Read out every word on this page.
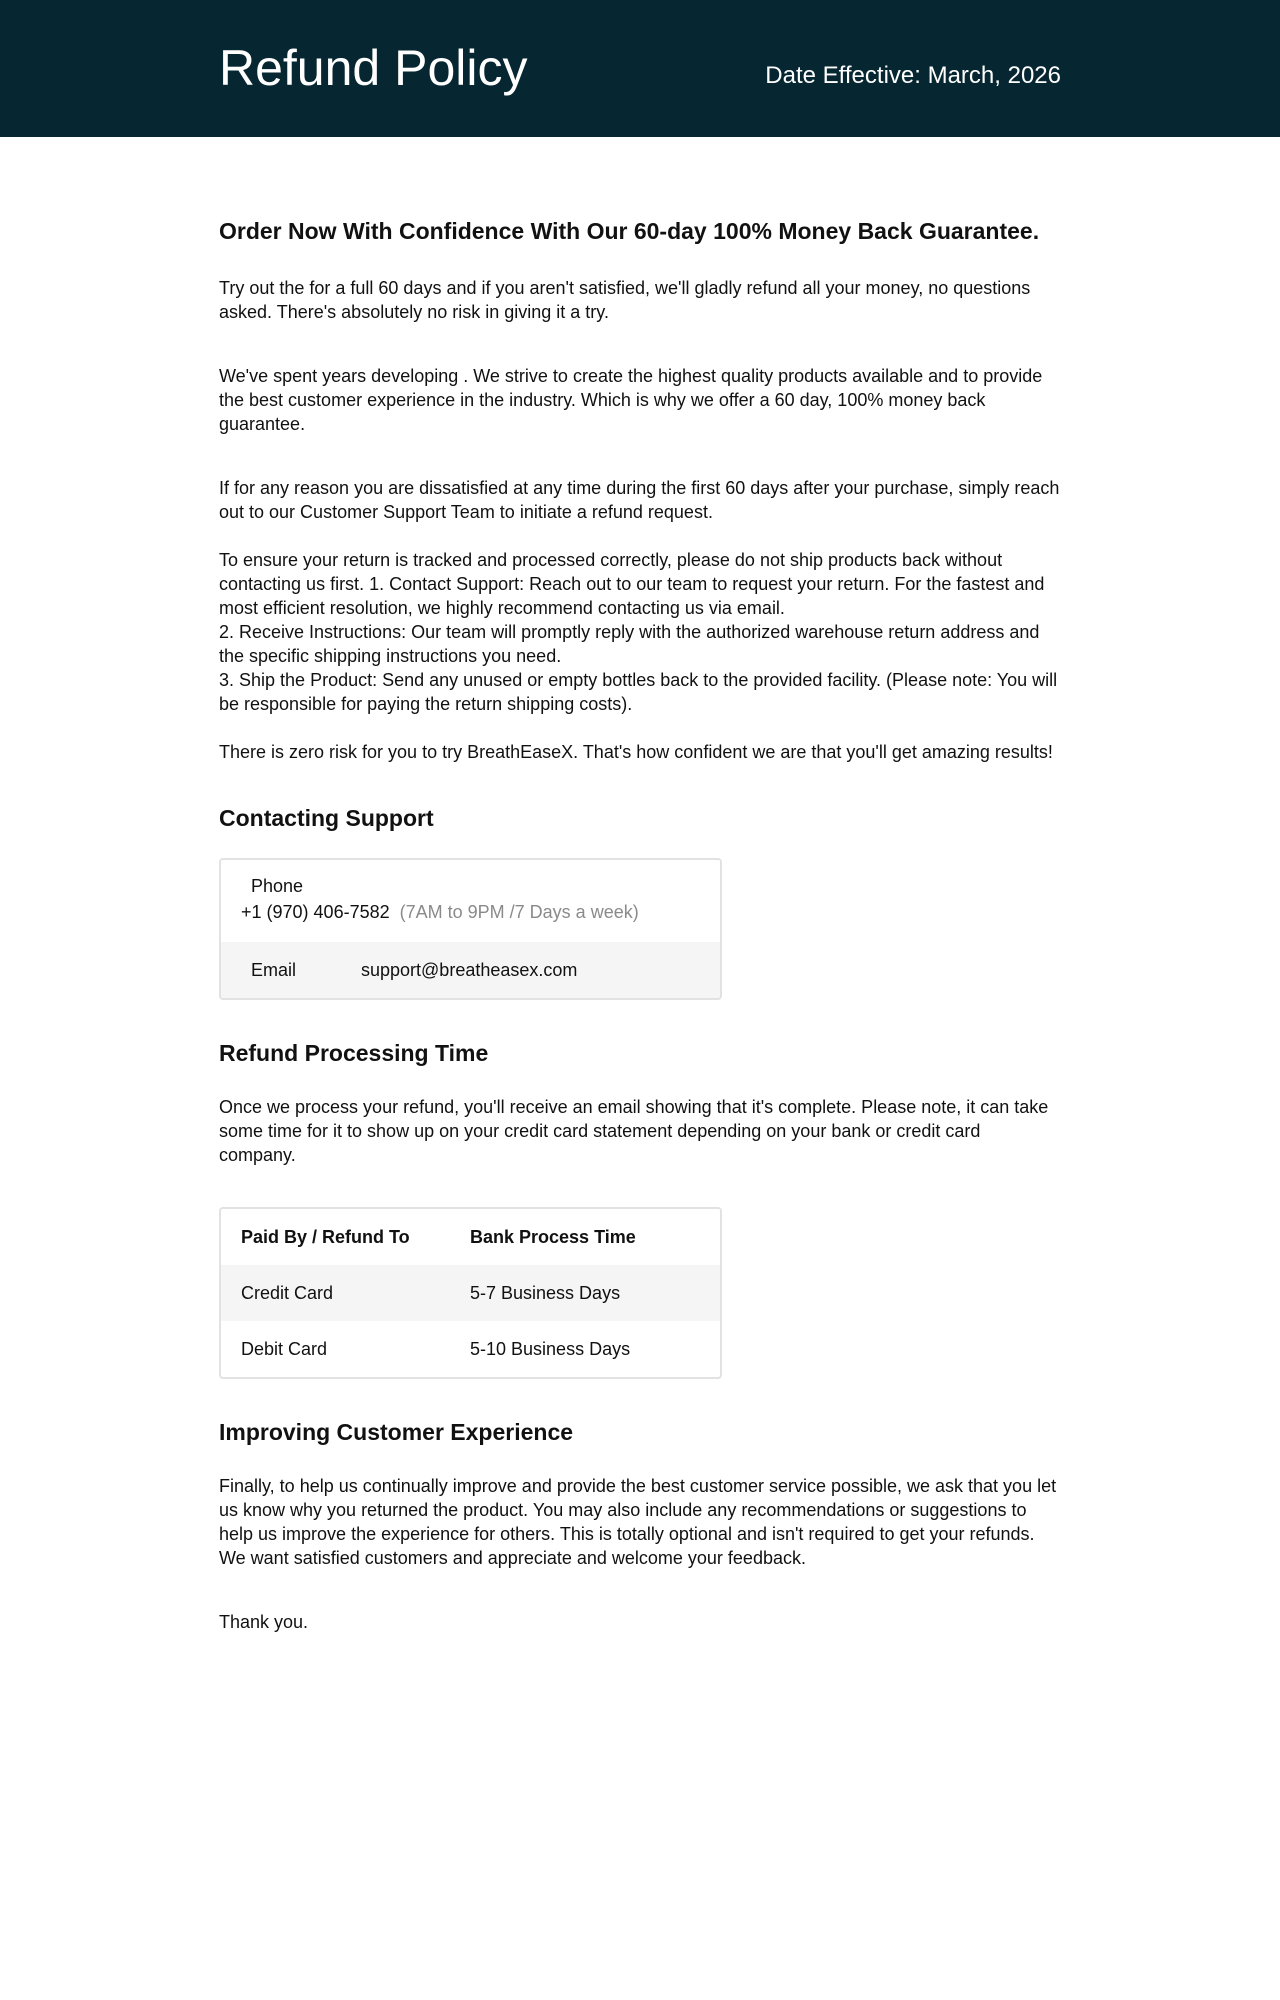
Refund Policy	Date Effective: March, 2026
Order Now With Confidence With Our 60-day 100% Money Back Guarantee.

Try out the for a full 60 days and if you aren't satisfied, we'll gladly refund all your money, no questions asked. There's absolutely no risk in giving it a try.

We've spent years developing . We strive to create the highest quality products available and to provide the best customer experience in the industry. Which is why we offer a 60 day, 100% money back guarantee.

If for any reason you are dissatisfied at any time during the first 60 days after your purchase, simply reach out to our Customer Support Team to initiate a refund request.

To ensure your return is tracked and processed correctly, please do not ship products back without contacting us first. 1. Contact Support: Reach out to our team to request your return. For the fastest and most efficient resolution, we highly recommend contacting us via email.
2. Receive Instructions: Our team will promptly reply with the authorized warehouse return address and the specific shipping instructions you need.
3. Ship the Product: Send any unused or empty bottles back to the provided facility. (Please note: You will be responsible for paying the return shipping costs).

There is zero risk for you to try BreathEaseX. That's how confident we are that you'll get amazing results!

Contacting Support
Phone
+1 (970) 406-7582 (7AM to 9PM /7 Days a week)
Email	support@breatheasex.com
Refund Processing Time

Once we process your refund, you'll receive an email showing that it's complete. Please note, it can take some time for it to show up on your credit card statement depending on your bank or credit card company.

Paid By / Refund To	Bank Process Time
Credit Card	5-7 Business Days
Debit Card	5-10 Business Days
Improving Customer Experience

Finally, to help us continually improve and provide the best customer service possible, we ask that you let us know why you returned the product. You may also include any recommendations or suggestions to help us improve the experience for others. This is totally optional and isn't required to get your refunds. We want satisfied customers and appreciate and welcome your feedback.

Thank you.
